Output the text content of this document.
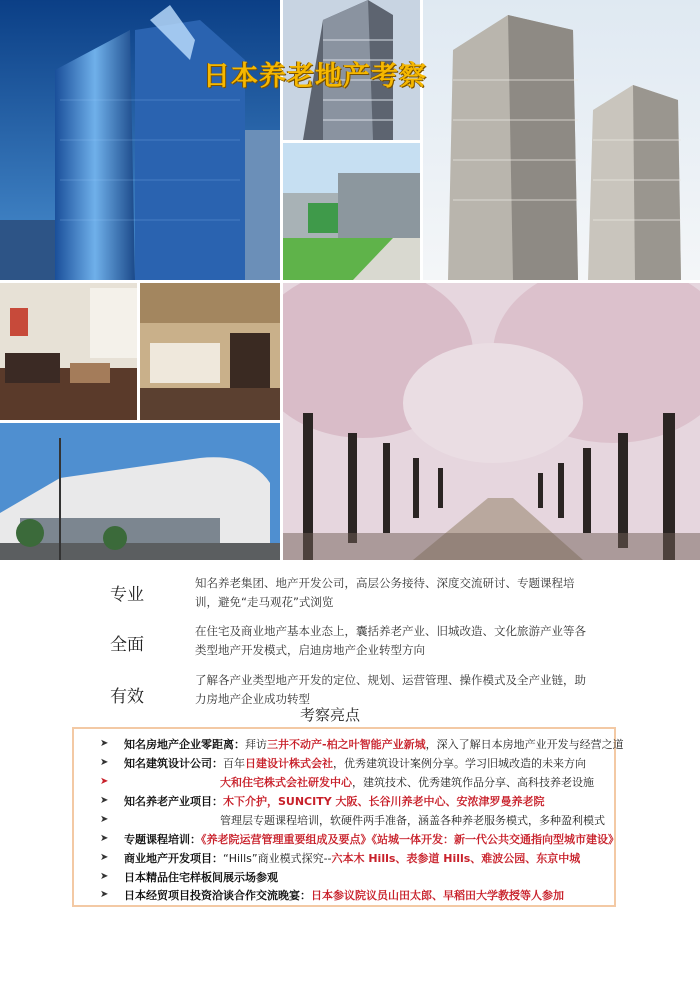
日本养老地产考察
专业
知名养老集团、地产开发公司，高层公务接待、深度交流研讨、专题课程培训，避免“走马观花”式浏览
全面
在住宅及商业地产基本业态上，囊括养老产业、旧城改造、文化旅游产业等各类型地产开发模式，启迪房地产企业转型方向
有效
了解各产业类型地产开发的定位、规划、运营管理、操作模式及全产业链，助力房地产企业成功转型
考察亮点
➤ 知名房地产企业零距离：拜访三井不动产-柏之叶智能产业新城，深入了解日本房地产业开发与经营之道
➤ 知名建筑设计公司：百年日建设计株式会社，优秀建筑设计案例分享。学习旧城改造的未来方向
➤	大和住宅株式会社研发中心，建筑技术、优秀建筑作品分享、高科技养老设施
➤ 知名养老产业项目：木下介护，SUNCITY 大阪、长谷川养老中心、安浓津罗曼养老院
➤	管理层专题课程培训，软硬件两手准备，涵盖各种养老服务模式，多种盈利模式
➤ 专题课程培训：《养老院运营管理重要组成及要点》《站城一体开发：新一代公共交通指向型城市建设》
➤ 商业地产开发项目：“Hills”商业模式探究--六本木 Hills、表参道 Hills、难波公园、东京中城
➤ 日本精品住宅样板间展示场参观
➤ 日本经贸项目投资洽谈合作交流晚宴：日本参议院议员山田太郎、早稻田大学教授等人参加
